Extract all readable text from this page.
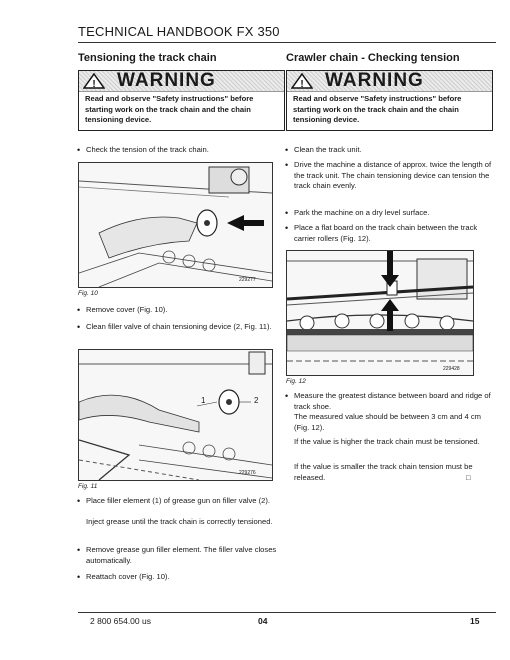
TECHNICAL HANDBOOK FX 350
Tensioning the track chain
! WARNING
Read and observe "Safety instructions" before starting work on the track chain and the chain tensioning device.
• Check the tension of the track chain.
229277
Fig. 10
• Remove cover (Fig. 10).
• Clean filler valve of chain tensioning device (2, Fig. 11).
1	2
229276
Fig. 11
• Place filler element (1) of grease gun on filler valve (2).
Inject grease until the track chain is correctly tensioned.
• Remove grease gun filler element. The filler valve closes automatically.
• Reattach cover (Fig. 10).
Crawler chain - Checking tension
! WARNING
Read and observe "Safety instructions" before starting work on the track chain and the chain tensioning device.
• Clean the track unit.
• Drive the machine a distance of approx. twice the length of the track unit. The chain tensioning device can tension the track chain evenly.
• Park the machine on a dry level surface.
• Place a flat board on the track chain between the track carrier rollers (Fig. 12).
229428
Fig. 12
• Measure the greatest distance between board and ridge of track shoe.
The measured value should be between 3 cm and 4 cm (Fig. 12).
If the value is higher the track chain must be tensioned.
If the value is smaller the track chain tension must be released.	□
2 800 654.00 us	04	15
